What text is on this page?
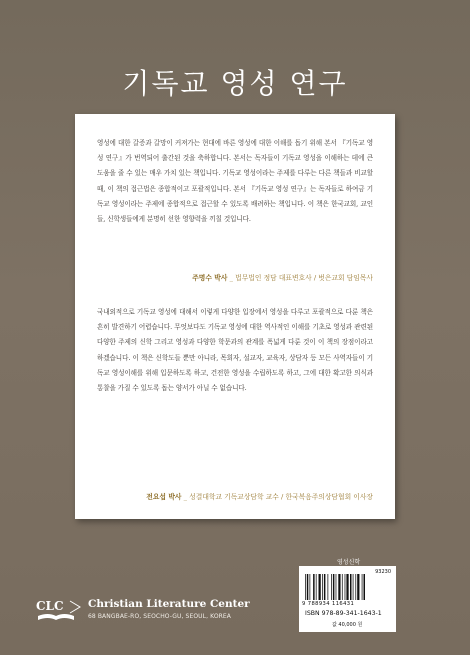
기독교 영성 연구

영성에 대한 갈증과 갈망이 커져가는 현대에 바른 영성에 대한 이해를 돕기 위해 본서 『기독교 영성 연구』가 번역되어 출간된 것을 축하합니다. 본서는 독자들이 기독교 영성을 이해하는 데에 큰 도움을 줄 수 있는 매우 가치 있는 책입니다. 기독교 영성이라는 주제를 다루는 다른 책들과 비교할 때, 이 책의 접근법은 종합적이고 포괄적입니다. 본서 『기독교 영성 연구』는 독자들로 하여금 기독교 영성이라는 주제에 종합적으로 접근할 수 있도록 배려하는 책입니다. 이 책은 한국교회, 교인들, 신학생들에게 분명히 선한 영향력을 끼칠 것입니다.

주명수 박사 _ 법무법인 정담 대표변호사 / 벗은교회 담임목사

국내외적으로 기독교 영성에 대해서 이렇게 다양한 입장에서 영성을 다루고 포괄적으로 다룬 책은 흔히 발견하기 어렵습니다. 무엇보다도 기독교 영성에 대한 역사적인 이해를 기초로 영성과 관련된 다양한 주제의 신학 그리고 영성과 다양한 학문과의 관계를 폭넓게 다룬 것이 이 책의 장점이라고 하겠습니다. 이 책은 신학도들 뿐만 아니라, 목회자, 설교자, 교육자, 상담자 등 모든 사역자들이 기독교 영성이해를 위해 입문하도록 하고, 건전한 영성을 수립하도록 하고, 그에 대한 확고한 의식과 통찰을 가질 수 있도록 돕는 양서가 아닐 수 없습니다.

전요섭 박사 _ 성결대학교 기독교상담학 교수 / 한국복음주의상담협회 이사장
영성신학
93230
9 788934 116431
ISBN 978-89-341-1643-1
값 40,000 원
CLC Christian Literature Center
68 BANGBAE-RO, SEOCHO-GU, SEOUL, KOREA
